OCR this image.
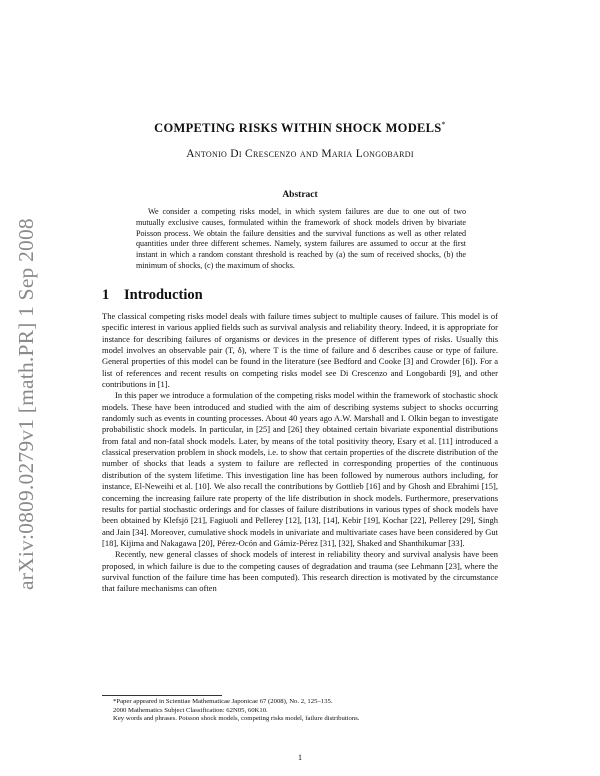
arXiv:0809.0279v1 [math.PR] 1 Sep 2008
COMPETING RISKS WITHIN SHOCK MODELS*
Antonio Di Crescenzo and Maria Longobardi
Abstract

We consider a competing risks model, in which system failures are due to one out of two mutually exclusive causes, formulated within the framework of shock models driven by bivariate Poisson process. We obtain the failure densities and the survival functions as well as other related quantities under three different schemes. Namely, system failures are assumed to occur at the first instant in which a random constant threshold is reached by (a) the sum of received shocks, (b) the minimum of shocks, (c) the maximum of shocks.

1 Introduction

The classical competing risks model deals with failure times subject to multiple causes of failure. This model is of specific interest in various applied fields such as survival analysis and reliability theory. Indeed, it is appropriate for instance for describing failures of organisms or devices in the presence of different types of risks. Usually this model involves an observable pair (T, δ), where T is the time of failure and δ describes cause or type of failure. General properties of this model can be found in the literature (see Bedford and Cooke [3] and Crowder [6]). For a list of references and recent results on competing risks model see Di Crescenzo and Longobardi [9], and other contributions in [1].

In this paper we introduce a formulation of the competing risks model within the framework of stochastic shock models. These have been introduced and studied with the aim of describing systems subject to shocks occurring randomly such as events in counting processes. About 40 years ago A.W. Marshall and I. Olkin began to investigate probabilistic shock models. In particular, in [25] and [26] they obtained certain bivariate exponential distributions from fatal and non-fatal shock models. Later, by means of the total positivity theory, Esary et al. [11] introduced a classical preservation problem in shock models, i.e. to show that certain properties of the discrete distribution of the number of shocks that leads a system to failure are reflected in corresponding properties of the continuous distribution of the system lifetime. This investigation line has been followed by numerous authors including, for instance, El-Neweihi et al. [10]. We also recall the contributions by Gottlieb [16] and by Ghosh and Ebrahimi [15], concerning the increasing failure rate property of the life distribution in shock models. Furthermore, preservations results for partial stochastic orderings and for classes of failure distributions in various types of shock models have been obtained by Klefsjö [21], Fagiuoli and Pellerey [12], [13], [14], Kebir [19], Kochar [22], Pellerey [29], Singh and Jain [34]. Moreover, cumulative shock models in univariate and multivariate cases have been considered by Gut [18], Kijima and Nakagawa [20], Pérez-Ocón and Gámiz-Pérez [31], [32], Shaked and Shanthikumar [33].

Recently, new general classes of shock models of interest in reliability theory and survival analysis have been proposed, in which failure is due to the competing causes of degradation and trauma (see Lehmann [23], where the survival function of the failure time has been computed). This research direction is motivated by the circumstance that failure mechanisms can often

*Paper appeared in Scientiae Mathematicae Japonicae 67 (2008), No. 2, 125–135.
2000 Mathematics Subject Classification: 62N05, 60K10.
Key words and phrases. Poisson shock models, competing risks model, failure distributions.
1
